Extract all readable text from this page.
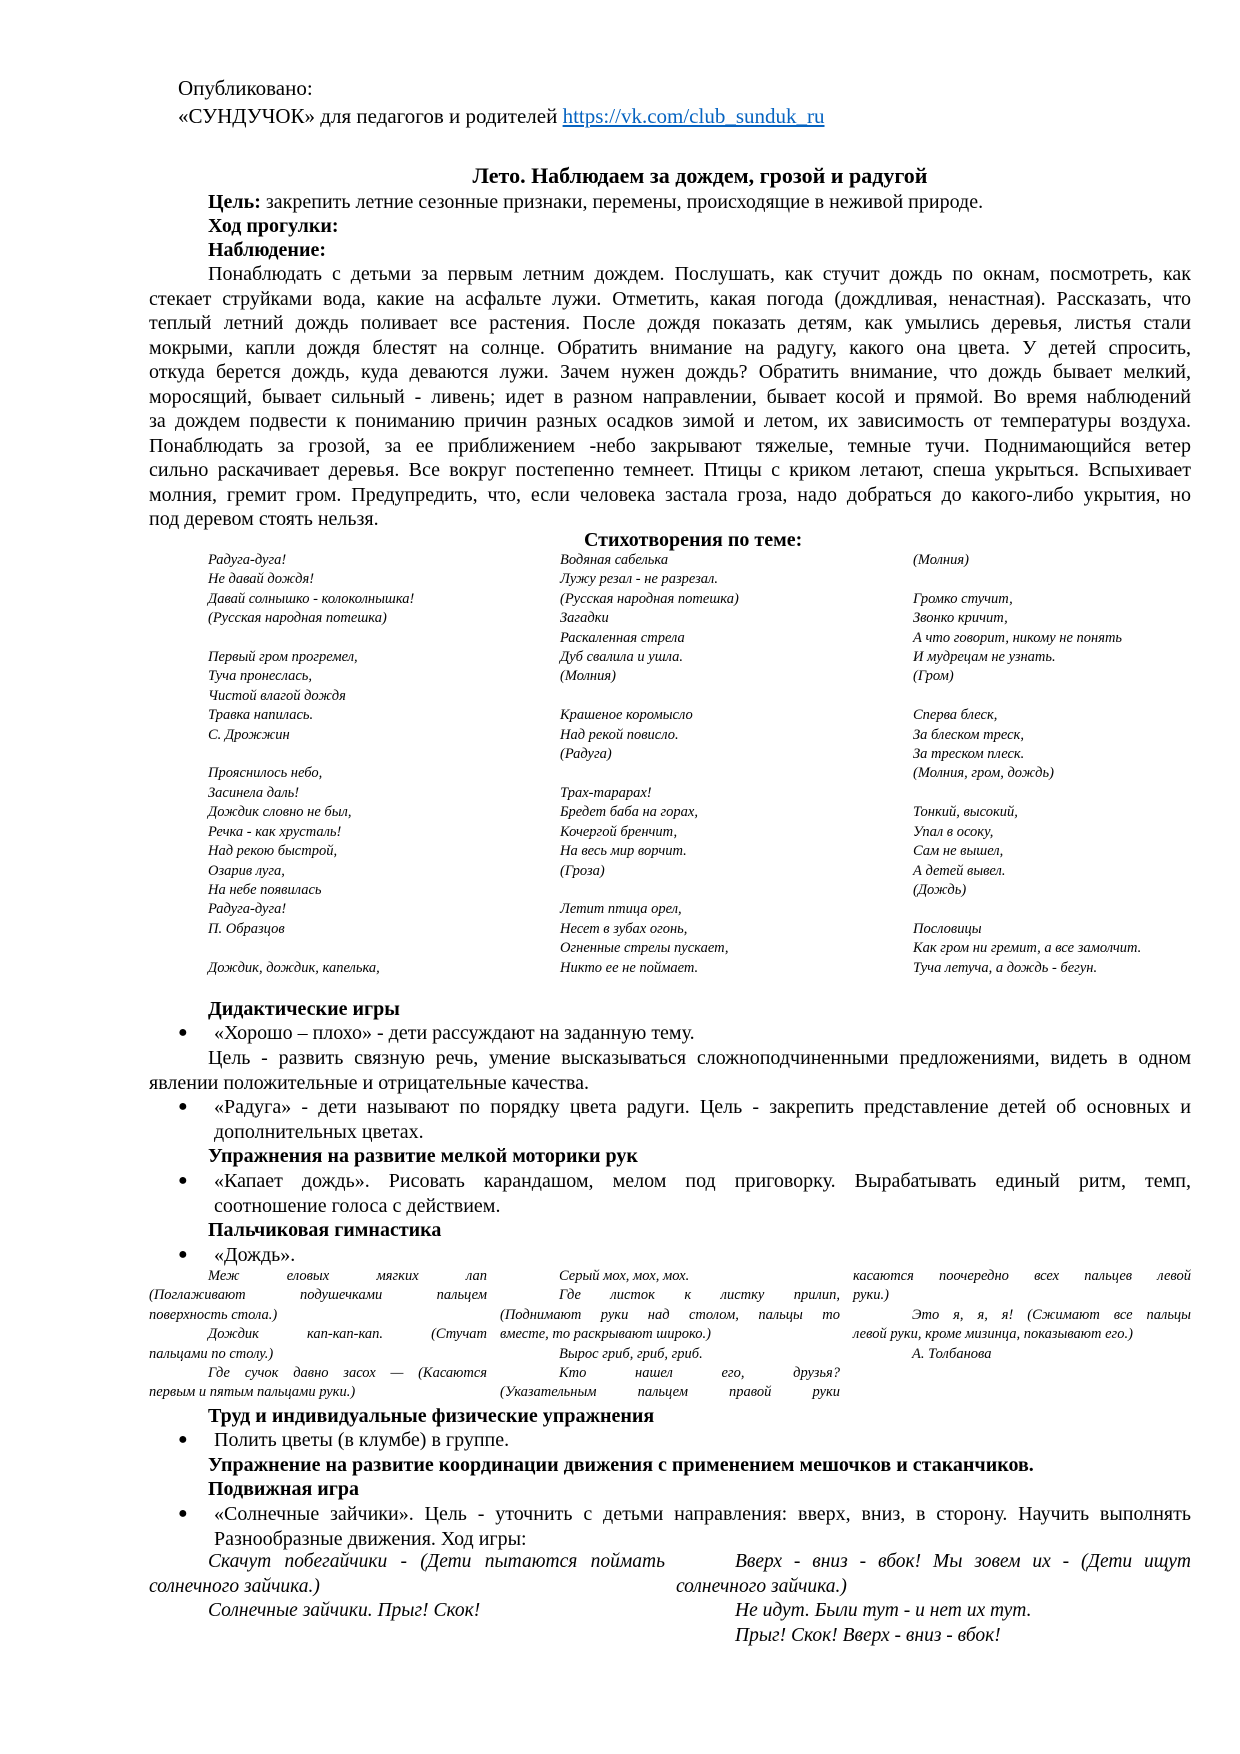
Опубликовано:
«СУНДУЧОК» для педагогов и родителей https://vk.com/club_sunduk_ru
Лето. Наблюдаем за дождем, грозой и радугой
Цель: закрепить летние сезонные признаки, перемены, происходящие в неживой природе.
Ход прогулки:
Наблюдение:
Понаблюдать с детьми за первым летним дождем. Послушать, как стучит дождь по окнам, посмотреть, как
стекает струйками вода, какие на асфальте лужи. Отметить, какая погода (дождливая, ненастная). Рассказать, что
теплый летний дождь поливает все растения. После дождя показать детям, как умылись деревья, листья стали
мокрыми, капли дождя блестят на солнце. Обратить внимание на радугу, какого она цвета. У детей спросить,
откуда берется дождь, куда деваются лужи. Зачем нужен дождь? Обратить внимание, что дождь бывает мелкий,
моросящий, бывает сильный - ливень; идет в разном направлении, бывает косой и прямой. Во время наблюдений
за дождем подвести к пониманию причин разных осадков зимой и летом, их зависимость от температуры воздуха.
Понаблюдать за грозой, за ее приближением -небо закрывают тяжелые, темные тучи. Поднимающийся ветер
сильно раскачивает деревья. Все вокруг постепенно темнеет. Птицы с криком летают, спеша укрыться. Вспыхивает
молния, гремит гром. Предупредить, что, если человека застала гроза, надо добраться до какого-либо укрытия, но
под деревом стоять нельзя.
Стихотворения по теме:
Радуга-дуга!
Не давай дождя!
Давай солнышко - колоколнышка!
(Русская народная потешка)

Первый гром прогремел,
Туча пронеслась,
Чистой влагой дождя
Травка напилась.
С. Дрожжин

Прояснилось небо,
Засинела даль!
Дождик словно не был,
Речка - как хрусталь!
Над рекою быстрой,
Озарив луга,
На небе появилась
Радуга-дуга!
П. Образцов

Дождик, дождик, капелька,
Водяная сабелька
Лужу резал - не разрезал.
(Русская народная потешка)
Загадки
Раскаленная стрела
Дуб свалила и ушла.
(Молния)

Крашеное коромысло
Над рекой повисло.
(Радуга)

Трах-тарарах!
Бредет баба на горах,
Кочергой бренчит,
На весь мир ворчит.
(Гроза)

Летит птица орел,
Несет в зубах огонь,
Огненные стрелы пускает,
Никто ее не поймает.
(Молния)

Громко стучит,
Звонко кричит,
А что говорит, никому не понять
И мудрецам не узнать.
(Гром)

Сперва блеск,
За блеском треск,
За треском плеск.
(Молния, гром, дождь)

Тонкий, высокий,
Упал в осоку,
Сам не вышел,
А детей вывел.
(Дождь)

Пословицы
Как гром ни гремит, а все замолчит.
Туча летуча, а дождь - бегун.
Дидактические игры
● «Хорошо – плохо» - дети рассуждают на заданную тему.
Цель - развить связную речь, умение высказываться сложноподчиненными предложениями, видеть в одном
явлении положительные и отрицательные качества.
● «Радуга» - дети называют по порядку цвета радуги. Цель - закрепить представление детей об основных и
дополнительных цветах.
Упражнения на развитие мелкой моторики рук
● «Капает дождь». Рисовать карандашом, мелом под приговорку. Вырабатывать единый ритм, темп,
соотношение голоса с действием.
Пальчиковая гимнастика
● «Дождь».
Меж еловых мягких лап
(Поглаживают подушечками пальцем
поверхность стола.)
Дождик кап-кап-кап. (Стучат
пальцами по столу.)
Где сучок давно засох — (Касаются
первым и пятым пальцами руки.)
Серый мох, мох, мох.
Где листок к листку прилип,
(Поднимают руки над столом, пальцы то
вместе, то раскрывают широко.)
Вырос гриб, гриб, гриб.
Кто нашел его, друзья?
(Указательным пальцем правой руки
касаются поочередно всех пальцев левой
руки.)
Это я, я, я! (Сжимают все пальцы
левой руки, кроме мизинца, показывают его.)
А. Толбанова
Труд и индивидуальные физические упражнения
● Полить цветы (в клумбе) в группе.
Упражнение на развитие координации движения с применением мешочков и стаканчиков.
Подвижная игра
● «Солнечные зайчики». Цель - уточнить с детьми направления: вверх, вниз, в сторону. Научить выполнять
Разнообразные движения. Ход игры:
Скачут побегайчики - (Дети пытаются поймать
солнечного зайчика.)
Солнечные зайчики. Прыг! Скок!
Вверх - вниз - вбок! Мы зовем их - (Дети ищут
солнечного зайчика.)
Не идут. Были тут - и нет их тут.
Прыг! Скок! Вверх - вниз - вбок!
